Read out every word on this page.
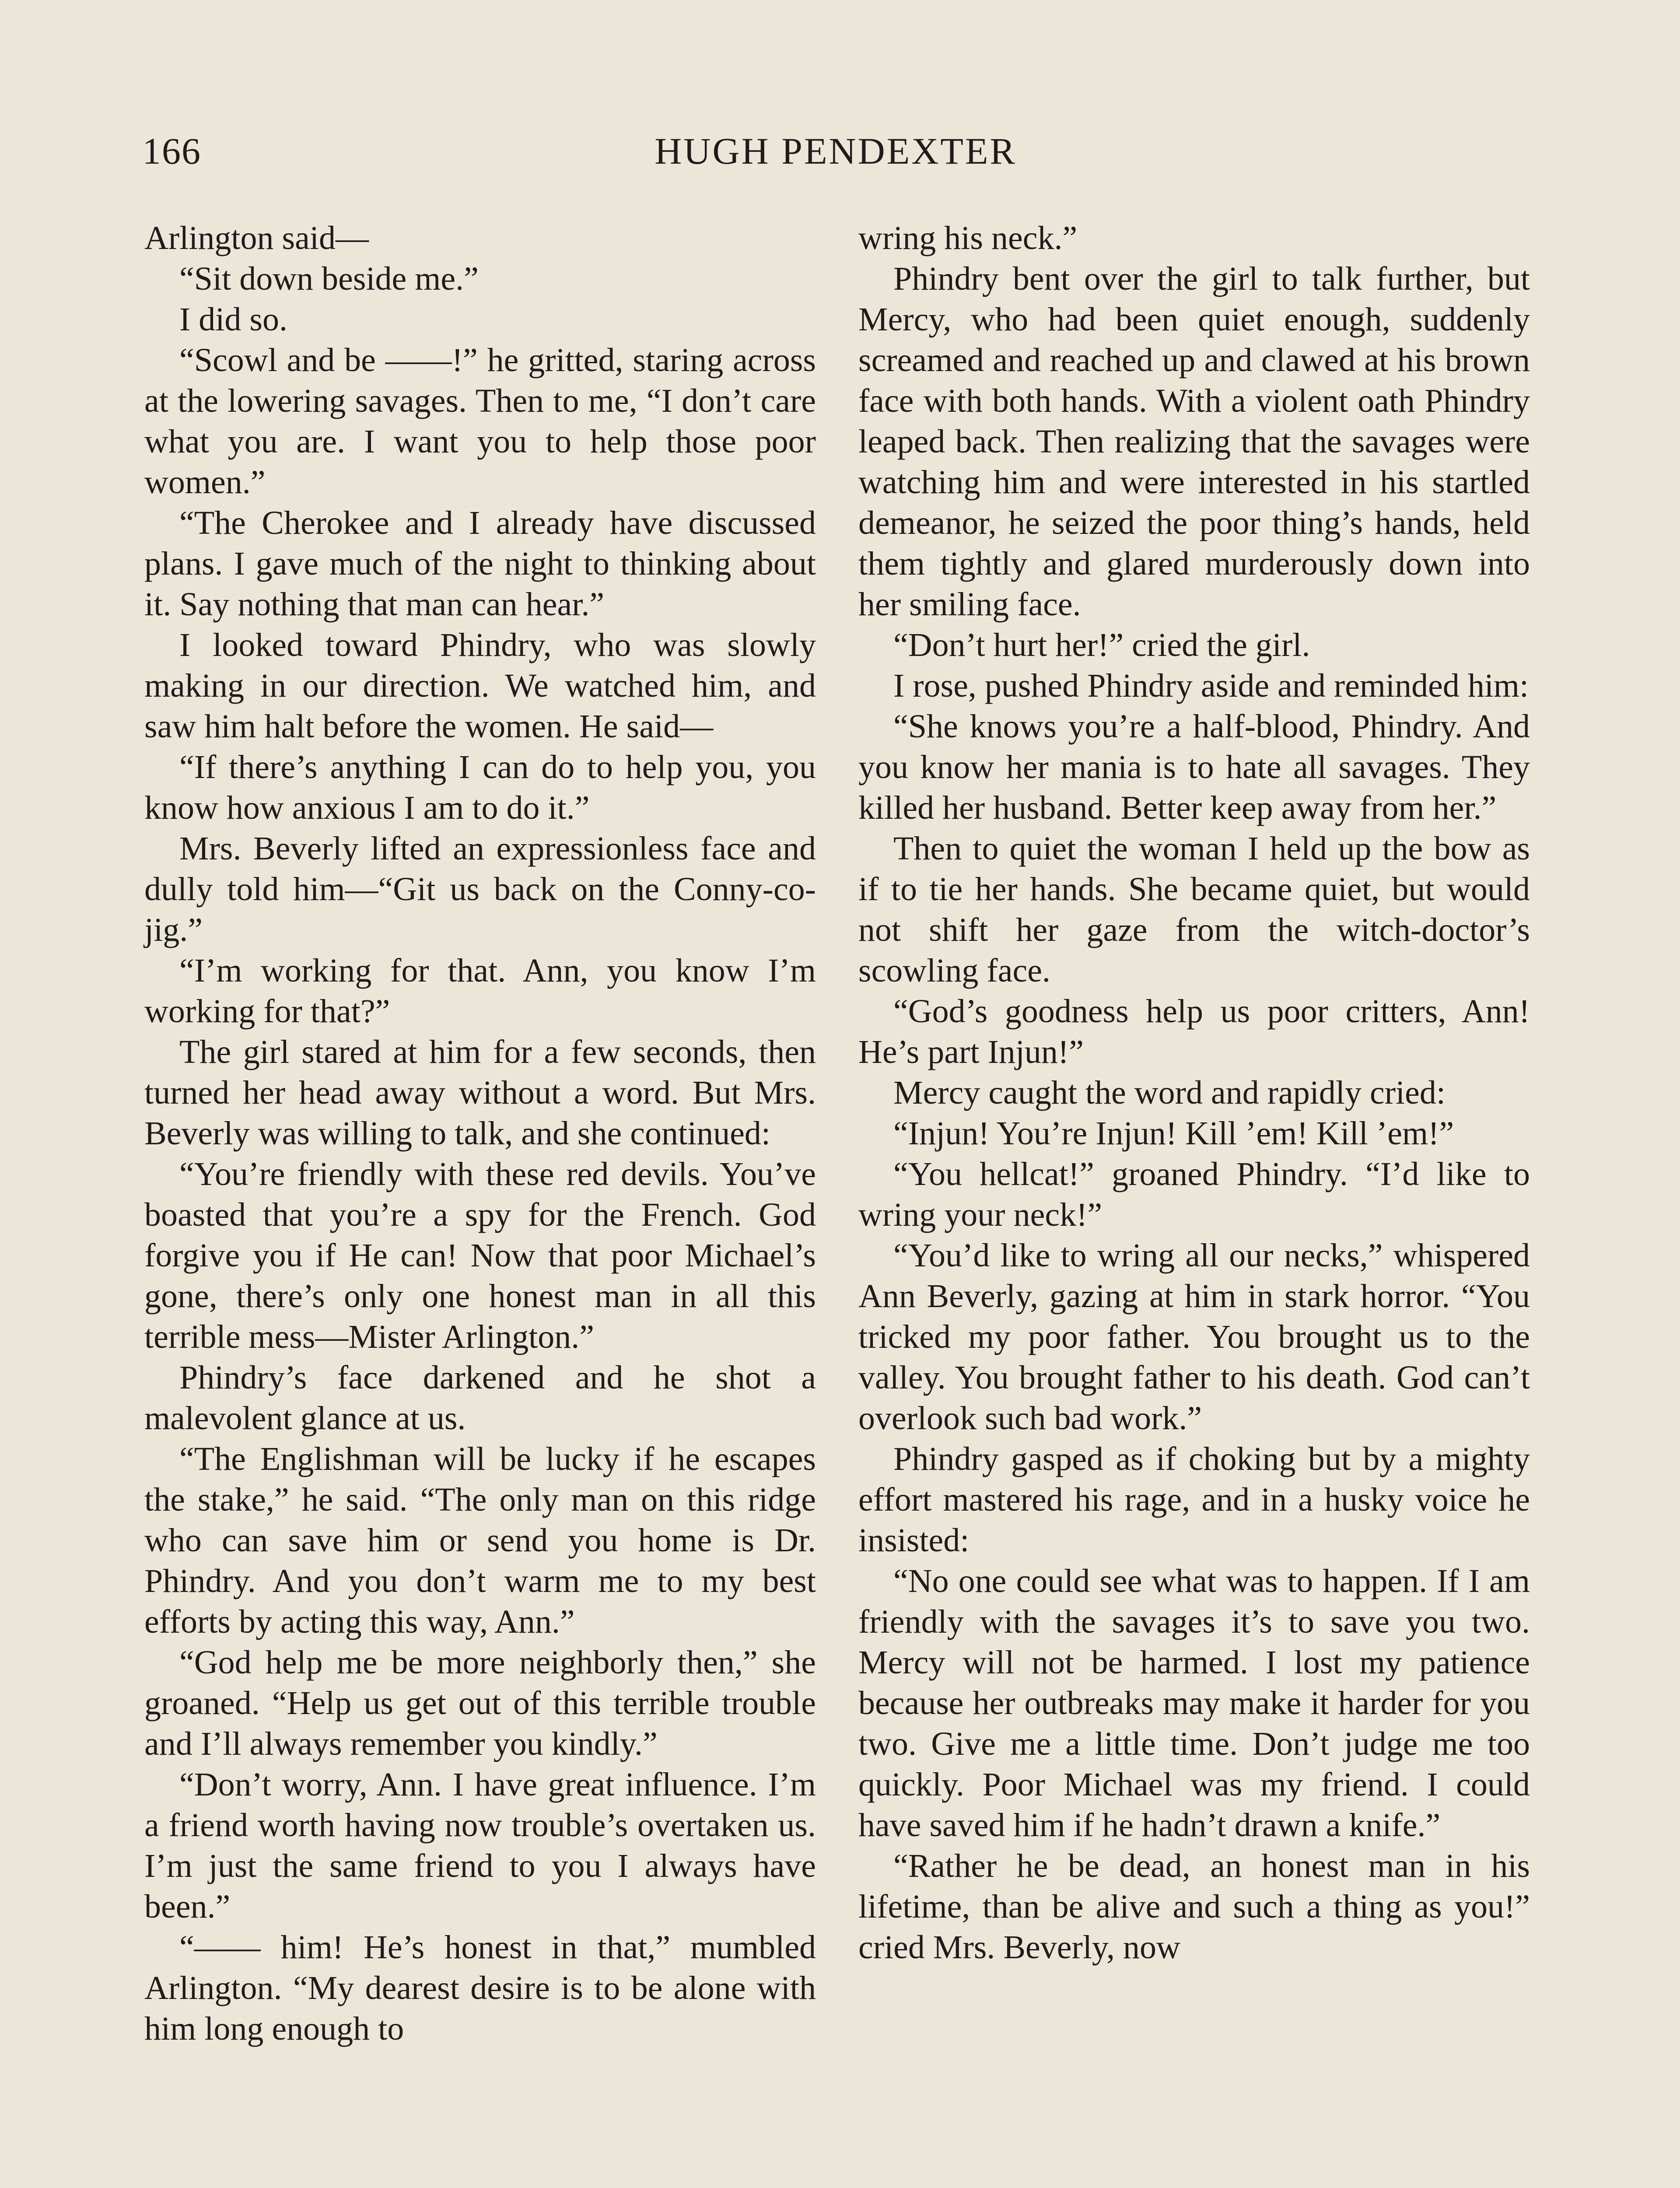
166	HUGH PENDEXTER

Arlington said—

“Sit down beside me.”

I did so.

“Scowl and be ——!” he gritted, staring across at the lowering savages. Then to me, “I don’t care what you are. I want you to help those poor women.”

“The Cherokee and I already have discussed plans. I gave much of the night to thinking about it. Say nothing that man can hear.”

I looked toward Phindry, who was slowly making in our direction. We watched him, and saw him halt before the women. He said—

“If there’s anything I can do to help you, you know how anxious I am to do it.”

Mrs. Beverly lifted an expressionless face and dully told him—“Git us back on the Conny-co-jig.”

“I’m working for that. Ann, you know I’m working for that?”

The girl stared at him for a few seconds, then turned her head away without a word. But Mrs. Beverly was willing to talk, and she continued:

“You’re friendly with these red devils. You’ve boasted that you’re a spy for the French. God forgive you if He can! Now that poor Michael’s gone, there’s only one honest man in all this terrible mess—Mister Arlington.”

Phindry’s face darkened and he shot a malevolent glance at us.

“The Englishman will be lucky if he escapes the stake,” he said. “The only man on this ridge who can save him or send you home is Dr. Phindry. And you don’t warm me to my best efforts by acting this way, Ann.”

“God help me be more neighborly then,” she groaned. “Help us get out of this terrible trouble and I’ll always remember you kindly.”

“Don’t worry, Ann. I have great influence. I’m a friend worth having now trouble’s overtaken us. I’m just the same friend to you I always have been.”

“—— him! He’s honest in that,” mumbled Arlington. “My dearest desire is to be alone with him long enough to

wring his neck.”

Phindry bent over the girl to talk further, but Mercy, who had been quiet enough, suddenly screamed and reached up and clawed at his brown face with both hands. With a violent oath Phindry leaped back. Then realizing that the savages were watching him and were interested in his startled demeanor, he seized the poor thing’s hands, held them tightly and glared murderously down into her smiling face.

“Don’t hurt her!” cried the girl.

I rose, pushed Phindry aside and reminded him:

“She knows you’re a half-blood, Phindry. And you know her mania is to hate all savages. They killed her husband. Better keep away from her.”

Then to quiet the woman I held up the bow as if to tie her hands. She became quiet, but would not shift her gaze from the witch-doctor’s scowling face.

“God’s goodness help us poor critters, Ann! He’s part Injun!”

Mercy caught the word and rapidly cried:

“Injun! You’re Injun! Kill ’em! Kill ’em!”

“You hellcat!” groaned Phindry. “I’d like to wring your neck!”

“You’d like to wring all our necks,” whispered Ann Beverly, gazing at him in stark horror. “You tricked my poor father. You brought us to the valley. You brought father to his death. God can’t overlook such bad work.”

Phindry gasped as if choking but by a mighty effort mastered his rage, and in a husky voice he insisted:

“No one could see what was to happen. If I am friendly with the savages it’s to save you two. Mercy will not be harmed. I lost my patience because her outbreaks may make it harder for you two. Give me a little time. Don’t judge me too quickly. Poor Michael was my friend. I could have saved him if he hadn’t drawn a knife.”

“Rather he be dead, an honest man in his lifetime, than be alive and such a thing as you!” cried Mrs. Beverly, now
